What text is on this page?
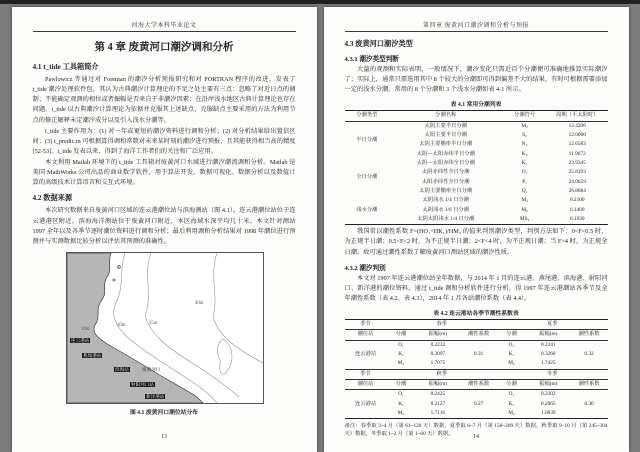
河海大学本科毕业论文
第 4 章 废黄河口潮汐调和分析
4.1 t_tide 工具箱简介

Pawlowicz 等通过对 Foreman 的潮汐分析预报研究和对 FORTRAN 程序的改进，发表了 t_tide 潮汐处理软件包。其认为古典潮汐计算理论的不足之处主要有三点：忽略了对近日点的调制；不能确定观测的相位或者振幅是否来自于非潮汐因素；在沿岸浅水地区古典计算理论也存在问题。t_tide 以古典潮汐计算理论为依据并克服其上述缺点，克服缺点主要采用的方法为利用节点的修正解释未定潮汐成分以及引入浅水分潮等。

t_tide 主要作用为：(1) 对一年或更短的潮汐资料进行调和分析；(2) 对分析结果给出置信区间；(3) t_predic.m 可根据算得调和常数对未来某时刻的潮汐进行预报，且其能获得相当高的精度[52-53]。t_tide 发表以来，得到了海洋工作者们的关注和广泛应用。

本文利用 Matlab 环境下的 t_tide 工具箱对废黄河口水域进行潮汐潮流调和分析。Matlab 是美国 MathWorks 公司出品的商业数学软件，用于算法开发、数据可视化、数据分析以及数值计算的高级技术计算语言和交互式环境。

4.2 数据来源

本次研究数据来自废黄河口区域的连云港潮位站与滨海测站（图 4.1）。连云港潮位站位于连云港港区附近，滨海海洋测站位于废黄河口附近，本区海域水深平均几十米。本文针对测站 1997 全年以及各季节逐时潮位资料进行调和分析；最后利用调和分析结果对 1998 年潮位进行预测并与实测数据比较分析以评估其预测的准确性。

10m
20m	25m
40m
连云港站
燕尾港站
滨海站	废黄河口
射阳河口站
新洋港站
图 4.1 废黄河口潮位站分布
13
第四章 废黄河口潮汐调和分析与预报
4.3 废黄河口潮汐类型
4.3.1 潮汐类型判断

大量的观测和实际表明，一般情况下，潮汐变化只需近百个分潮便可准确地推算实际潮汐了；实际上，通常只需选用其中 8 个较大的分潮即可得到偏差不大的结果，有时可根据需要添加一定的浅水分潮。常用的 8 个分潮和 3 个浅水分潮如表 4-1 所示。

表 4.1 常用分潮列表
分潮类型	分潮名称	分潮符号	周期（平太阳时）
半日分潮	太阴主要半日分潮	M₂	12.4206
	太阳主要半日分潮	S₂	12.0000
	太阴主要椭率半日分潮	N₂	12.6583
	太阴—太阳赤纬半日分潮	K₂	11.9672
全日分潮	太阴—太阳赤纬全日分潮	K₁	23.9345
	太阴赤纬性全日分潮	O₁	25.8193
	太阳赤纬性全日分潮	P₁	24.0659
	太阴主要椭率全日分潮	Q₁	26.8684
浅水分潮	太阴浅水 1/4 日分潮	M₄	6.2100
	太阴浅水 1/6 日分潮	M₆	6.1400
	太阴太阳浅水 1/4 日分潮	MS₄	6.1030

我国常以潮性系数 F=(HO₁+HK₁)/HM₂ 的值来判别潮汐类型，判别方法如下：0<F<0.5 时，为正规半日潮；0.5<F<2 时，为不正规半日潮；2<F<4 时，为不正规日潮；当 F>4 时，为正规全日潮。故可通过潮性系数了解废黄河口测站区域的潮汐性质。

4.3.2 潮汐判别

本文对 1997 年连云港潮位站全年数据，与 2014 年 1 月的连云港、燕尾港、滨海港、射阳河口、新洋港的潮位资料，通过 t_tide 调和分析软件进行分析，得 1997 年连云港潮站各季节及全年潮性系数（表 4.2、表 4.3），2014 年 1 月各站潮位系数（表 4.4）。

表 4.2 连云港站各季节潮性系数表
季节	春季			夏季		
潮位站	分潮	振幅(m)	潮性系数	分潮	振幅(m)	潮性系数
连云港站	O₁	0.2232		O₁	0.2241	
	K₁	0.3097	0.31	K₁	0.3260	0.32
	M₂	1.7075		M₂	1.7425	
季节	秋季			冬季		
潮位站	分潮	振幅(m)	潮性系数	分潮	振幅(m)	潮性系数
连云港站	O₁	0.2425		O₁	0.2302	
	K₁	0.2127	0.27	K₁	0.2965	0.30
	M₂	1.7116		M₂	1.6839	
备注：春季取 3~4 月（第 61~120 天）数据，夏季取 6~7 月（第 150~209 天）数据，秋季取 9~10 月（第 245~304 天）数据，冬季取 1~2 月（第 1~60 天）数据。	14
